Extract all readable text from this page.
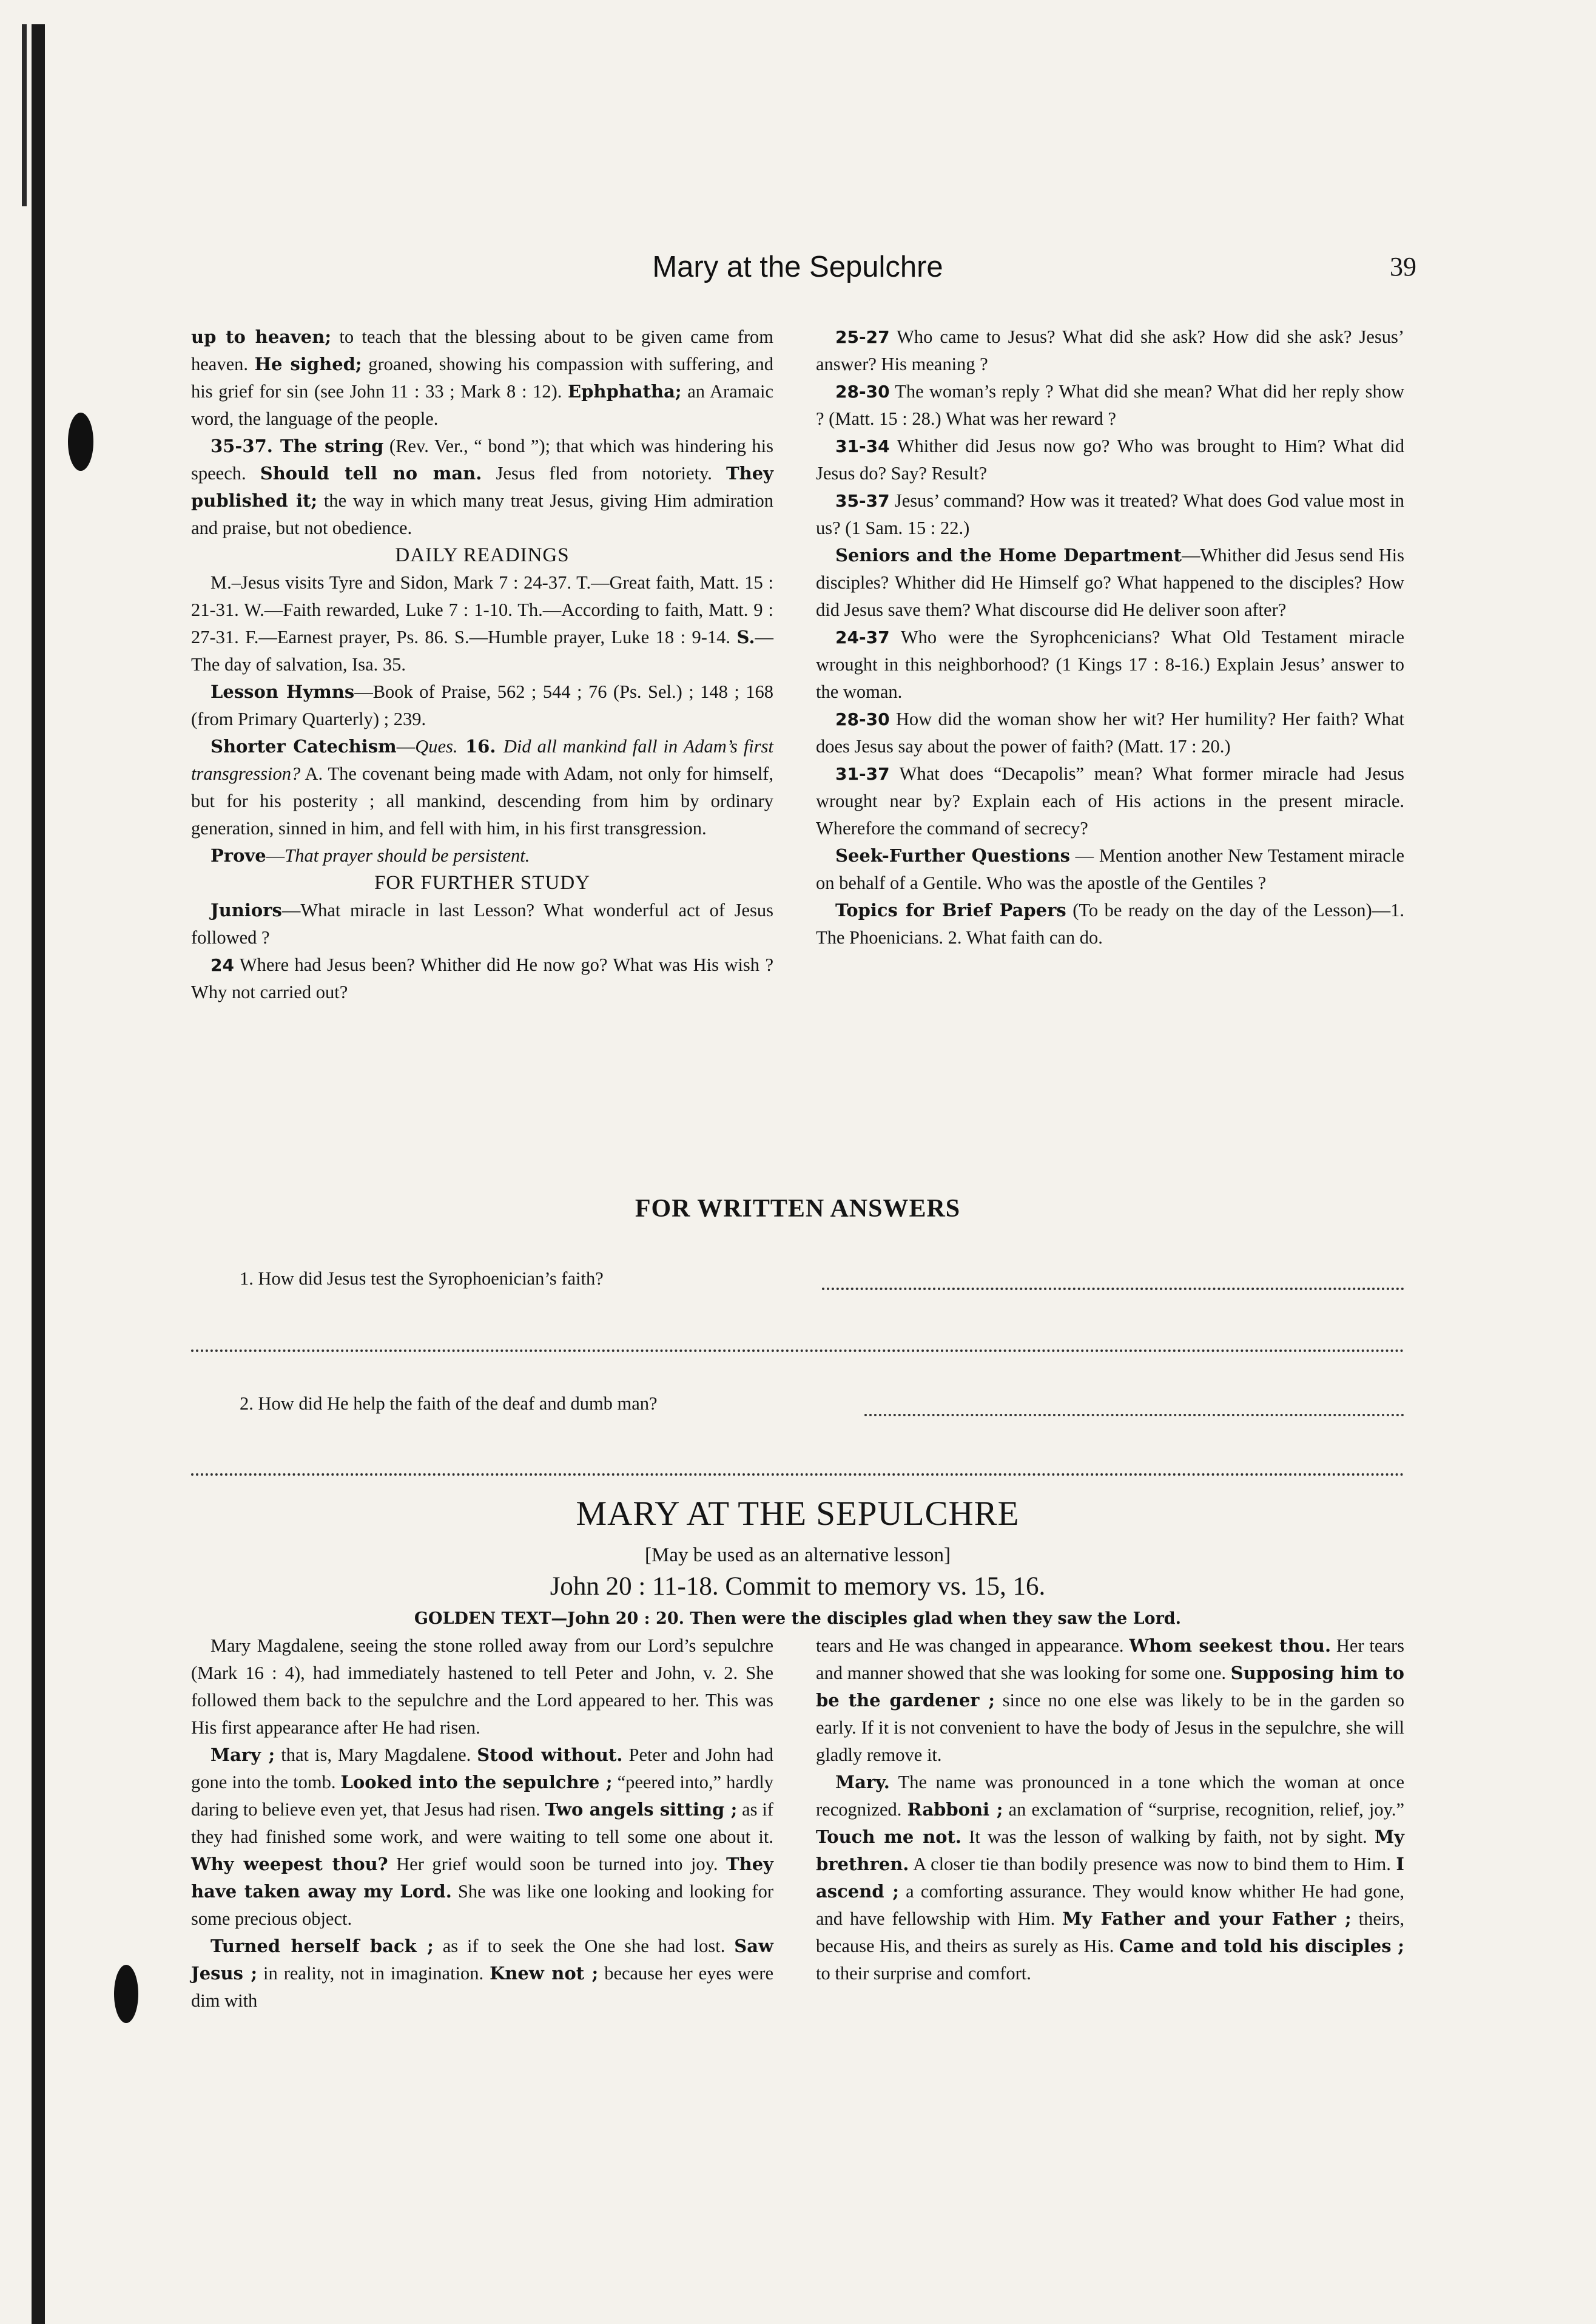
Mary at the Sepulchre	39

up to heaven; to teach that the blessing about to be given came from heaven. He sighed; groaned, showing his compassion with suffering, and his grief for sin (see John 11 : 33 ; Mark 8 : 12). Ephphatha; an Aramaic word, the language of the people.

35-37. The string (Rev. Ver., “ bond ”); that which was hindering his speech. Should tell no man. Jesus fled from notoriety. They published it; the way in which many treat Jesus, giving Him admiration and praise, but not obedience.

DAILY READINGS

M.–Jesus visits Tyre and Sidon, Mark 7 : 24-37. T.—Great faith, Matt. 15 : 21-31. W.—Faith rewarded, Luke 7 : 1-10. Th.—According to faith, Matt. 9 : 27-31. F.—Earnest prayer, Ps. 86. S.—Humble prayer, Luke 18 : 9-14. S.—The day of salvation, Isa. 35.

Lesson Hymns—Book of Praise, 562 ; 544 ; 76 (Ps. Sel.) ; 148 ; 168 (from Primary Quarterly) ; 239.

Shorter Catechism—Ques. 16. Did all mankind fall in Adam’s first transgression? A. The covenant being made with Adam, not only for himself, but for his posterity ; all mankind, descending from him by ordinary generation, sinned in him, and fell with him, in his first transgression.

Prove—That prayer should be persistent.

FOR FURTHER STUDY

Juniors—What miracle in last Lesson? What wonderful act of Jesus followed ?

24 Where had Jesus been? Whither did He now go? What was His wish ? Why not carried out?

25-27 Who came to Jesus? What did she ask? How did she ask? Jesus’ answer? His meaning ?

28-30 The woman’s reply ? What did she mean? What did her reply show ? (Matt. 15 : 28.) What was her reward ?

31-34 Whither did Jesus now go? Who was brought to Him? What did Jesus do? Say? Result?

35-37 Jesus’ command? How was it treated? What does God value most in us? (1 Sam. 15 : 22.)

Seniors and the Home Department—Whither did Jesus send His disciples? Whither did He Himself go? What happened to the disciples? How did Jesus save them? What discourse did He deliver soon after?

24-37 Who were the Syrophcenicians? What Old Testament miracle wrought in this neighborhood? (1 Kings 17 : 8-16.) Explain Jesus’ answer to the woman.

28-30 How did the woman show her wit? Her humility? Her faith? What does Jesus say about the power of faith? (Matt. 17 : 20.)

31-37 What does “Decapolis” mean? What former miracle had Jesus wrought near by? Explain each of His actions in the present miracle. Wherefore the command of secrecy?

Seek-Further Questions — Mention another New Testament miracle on behalf of a Gentile. Who was the apostle of the Gentiles ?

Topics for Brief Papers (To be ready on the day of the Lesson)—1. The Phoenicians. 2. What faith can do.

FOR WRITTEN ANSWERS
1. How did Jesus test the Syrophoenician’s faith?
2. How did He help the faith of the deaf and dumb man?
MARY AT THE SEPULCHRE
[May be used as an alternative lesson]
John 20 : 11-18. Commit to memory vs. 15, 16.
GOLDEN TEXT—John 20 : 20. Then were the disciples glad when they saw the Lord.

Mary Magdalene, seeing the stone rolled away from our Lord’s sepulchre (Mark 16 : 4), had immediately hastened to tell Peter and John, v. 2. She followed them back to the sepulchre and the Lord appeared to her. This was His first appearance after He had risen.

Mary ; that is, Mary Magdalene. Stood without. Peter and John had gone into the tomb. Looked into the sepulchre ; “peered into,” hardly daring to believe even yet, that Jesus had risen. Two angels sitting ; as if they had finished some work, and were waiting to tell some one about it. Why weepest thou? Her grief would soon be turned into joy. They have taken away my Lord. She was like one looking and looking for some precious object.

Turned herself back ; as if to seek the One she had lost. Saw Jesus ; in reality, not in imagination. Knew not ; because her eyes were dim with

tears and He was changed in appearance. Whom seekest thou. Her tears and manner showed that she was looking for some one. Supposing him to be the gardener ; since no one else was likely to be in the garden so early. If it is not convenient to have the body of Jesus in the sepulchre, she will gladly remove it.

Mary. The name was pronounced in a tone which the woman at once recognized. Rabboni ; an exclamation of “surprise, recognition, relief, joy.” Touch me not. It was the lesson of walking by faith, not by sight. My brethren. A closer tie than bodily presence was now to bind them to Him. I ascend ; a comforting assurance. They would know whither He had gone, and have fellowship with Him. My Father and your Father ; theirs, because His, and theirs as surely as His. Came and told his disciples ; to their surprise and comfort.
